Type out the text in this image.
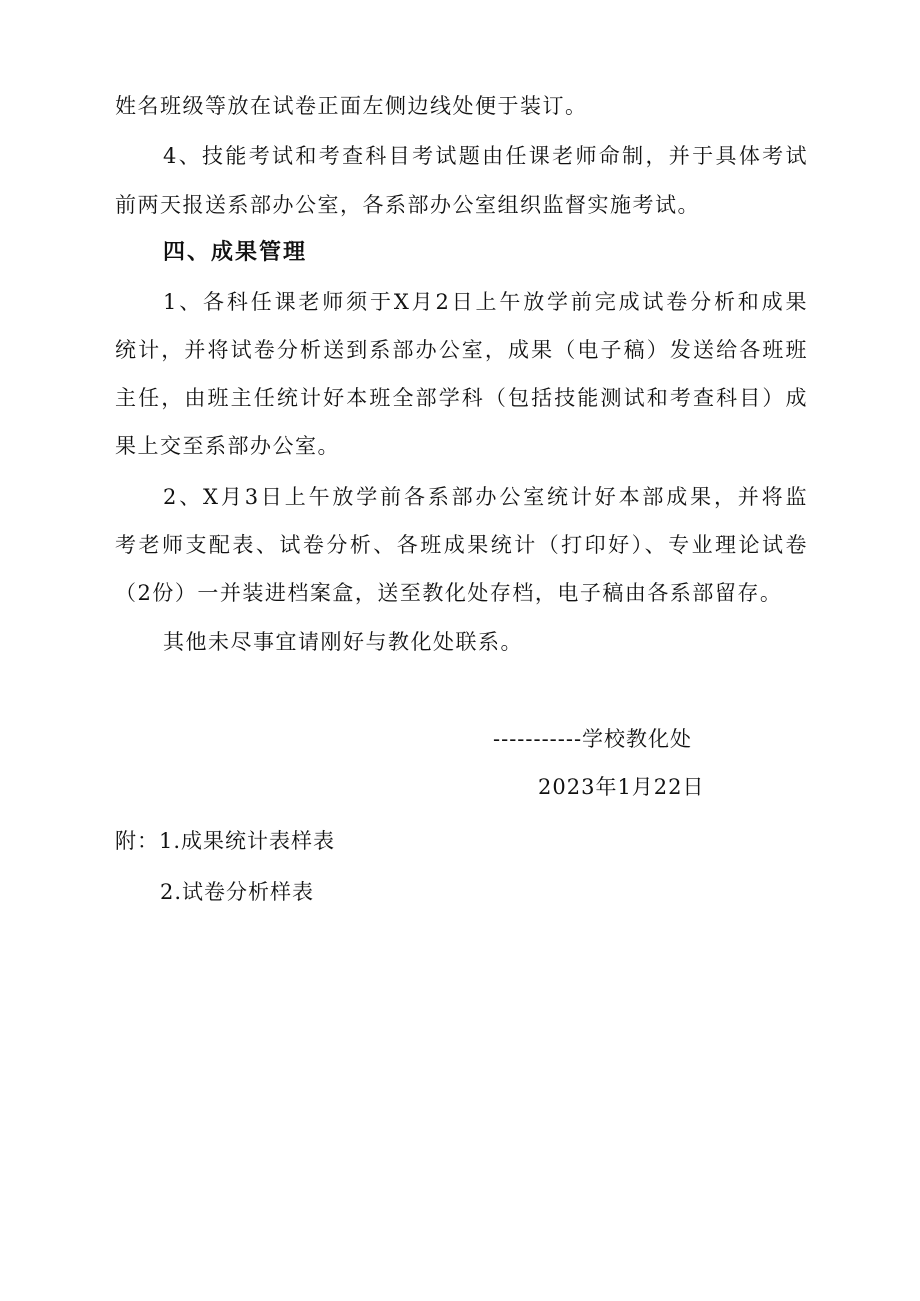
姓名班级等放在试卷正面左侧边线处便于装订。
4、技能考试和考查科目考试题由任课老师命制，并于具体考试
前两天报送系部办公室，各系部办公室组织监督实施考试。
四、成果管理
1、各科任课老师须于X月2日上午放学前完成试卷分析和成果
统计，并将试卷分析送到系部办公室，成果（电子稿）发送给各班班
主任，由班主任统计好本班全部学科（包括技能测试和考查科目）成
果上交至系部办公室。
2、X月3日上午放学前各系部办公室统计好本部成果，并将监
考老师支配表、试卷分析、各班成果统计（打印好）、专业理论试卷
（2份）一并装进档案盒，送至教化处存档，电子稿由各系部留存。
其他未尽事宜请刚好与教化处联系。
-----------学校教化处
2023年1月22日
附：1.成果统计表样表
2.试卷分析样表
